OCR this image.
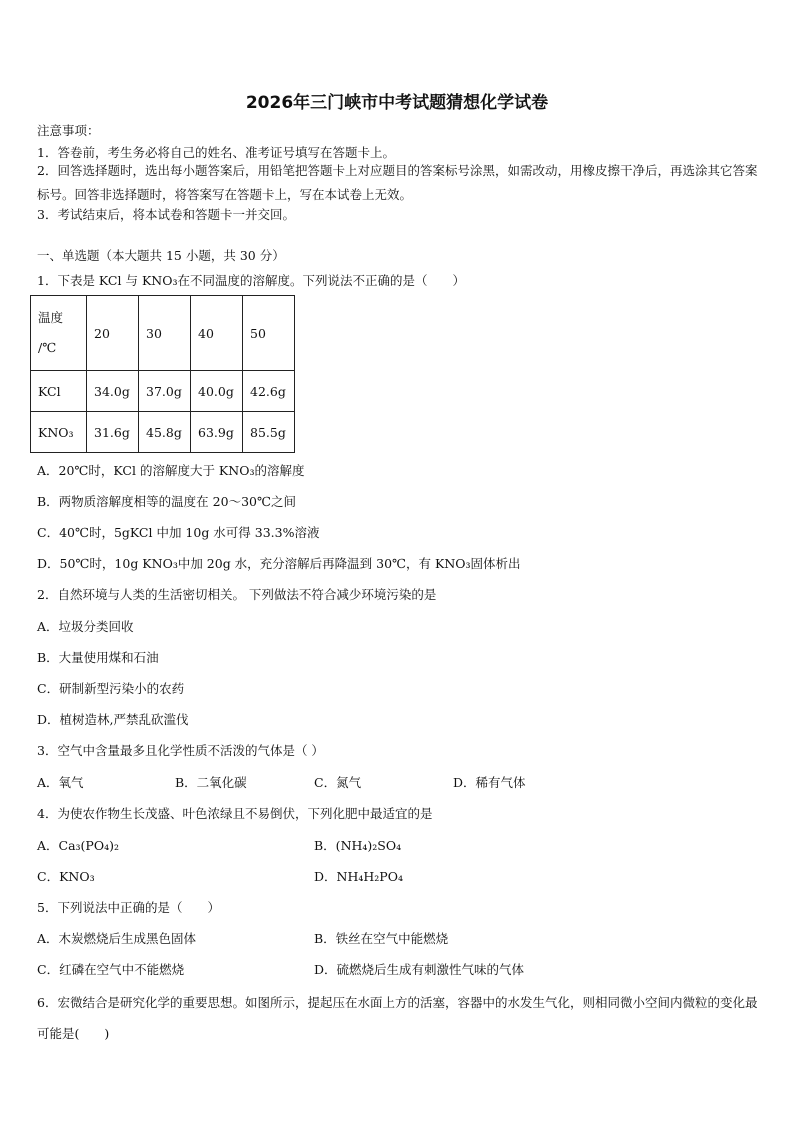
2026年三门峡市中考试题猜想化学试卷
注意事项：
1．答卷前，考生务必将自己的姓名、准考证号填写在答题卡上。
2．回答选择题时，选出每小题答案后，用铅笔把答题卡上对应题目的答案标号涂黑，如需改动，用橡皮擦干净后，再选涂其它答案标号。回答非选择题时，将答案写在答题卡上，写在本试卷上无效。
3．考试结束后，将本试卷和答题卡一并交回。
一、单选题（本大题共 15 小题，共 30 分）
1．下表是 KCl 与 KNO₃在不同温度的溶解度。下列说法不正确的是（　　）
温度
/℃	20	30	40	50
KCl	34.0g	37.0g	40.0g	42.6g
KNO₃	31.6g	45.8g	63.9g	85.5g
A．20℃时，KCl 的溶解度大于 KNO₃的溶解度
B．两物质溶解度相等的温度在 20～30℃之间
C．40℃时，5gKCl 中加 10g 水可得 33.3%溶液
D．50℃时，10g KNO₃中加 20g 水，充分溶解后再降温到 30℃，有 KNO₃固体析出
2．自然环境与人类的生活密切相关。 下列做法不符合减少环境污染的是
A．垃圾分类回收
B．大量使用煤和石油
C．研制新型污染小的农药
D．植树造林,严禁乱砍滥伐
3．空气中含量最多且化学性质不活泼的气体是（ ）
A．氧气	B．二氧化碳	C．氮气	D．稀有气体
4．为使农作物生长茂盛、叶色浓绿且不易倒伏，下列化肥中最适宜的是
A．Ca₃(PO₄)₂	B．(NH₄)₂SO₄
C．KNO₃	D．NH₄H₂PO₄
5．下列说法中正确的是（　　）
A．木炭燃烧后生成黑色固体	B．铁丝在空气中能燃烧
C．红磷在空气中不能燃烧	D．硫燃烧后生成有刺激性气味的气体
6．宏微结合是研究化学的重要思想。如图所示，提起压在水面上方的活塞，容器中的水发生气化，则相同微小空间内微粒的变化最可能是(　　)
